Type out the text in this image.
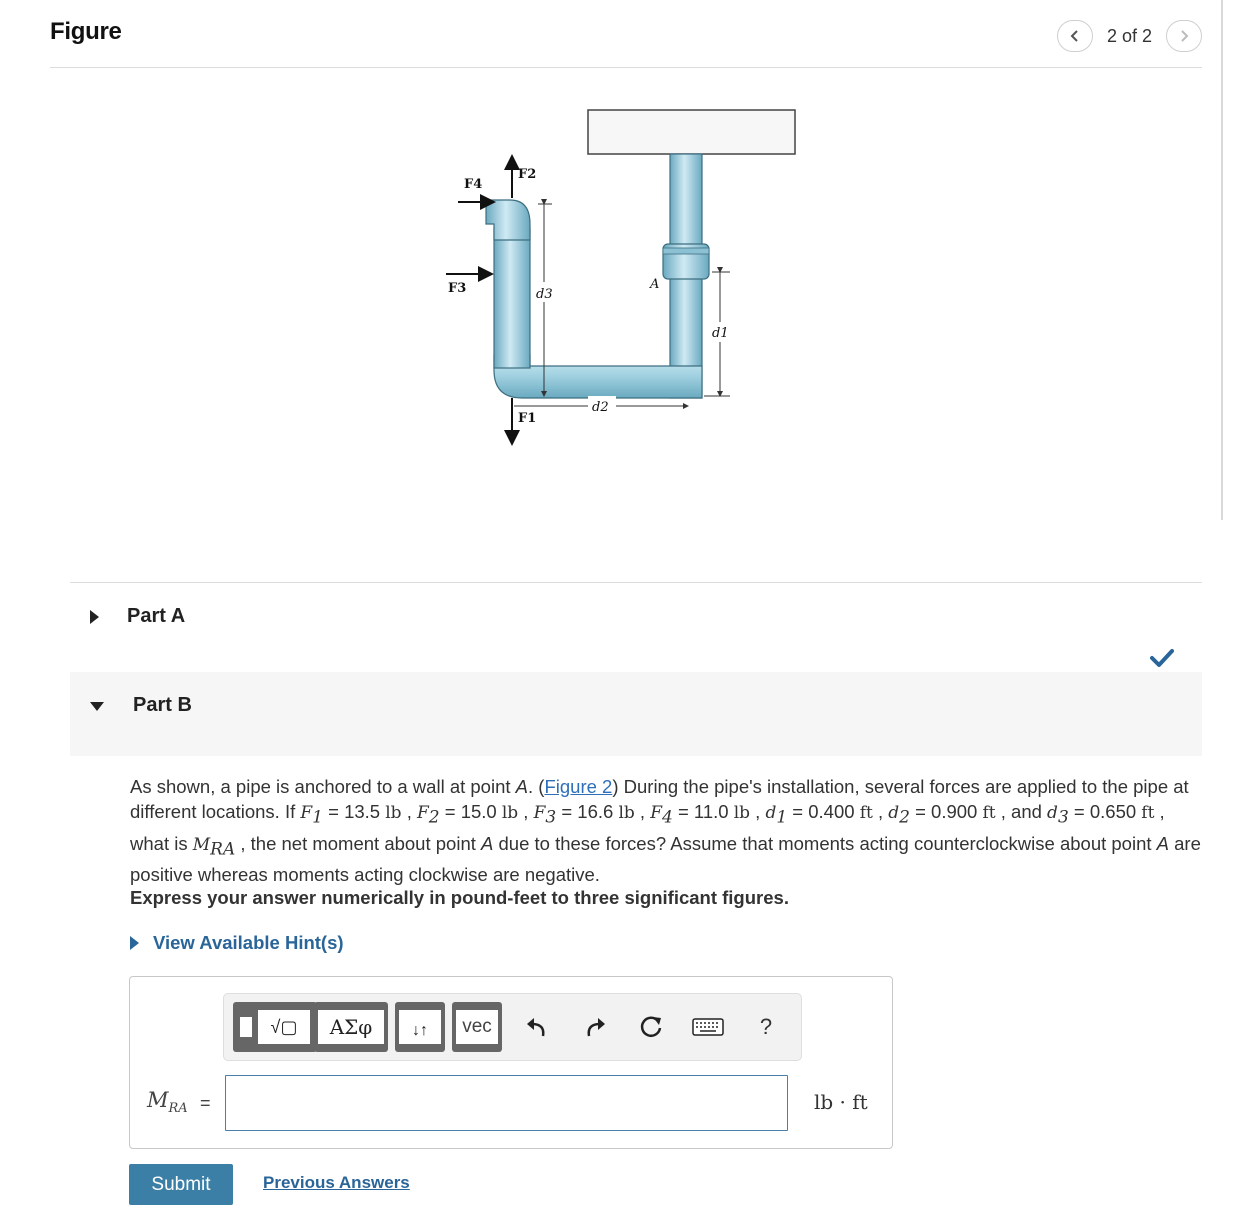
Figure	2 of 2
F4
F2
F3
F1
d3
d1
d2
A
Part A
Part B
As shown, a pipe is anchored to a wall at point A. (Figure 2) During the pipe's installation, several forces are applied to the pipe at different locations. If $F_1 = 13.5$ lb , $F_2 = 15.0$ lb , $F_3 = 16.6$ lb , $F_4 = 11.0$ lb , $d_1 = 0.400$ ft , $d_2 = 0.900$ ft , and $d_3 = 0.650$ ft , what is $M_{RA}$ , the net moment about point A due to these forces? Assume that moments acting counterclockwise about point A are positive whereas moments acting clockwise are negative.
Express your answer numerically in pound-feet to three significant figures.
View Available Hint(s)
√ ▢	ΑΣφ	↓↑	vec	?
$M_{RA}$ =	lb · ft
Submit	Previous Answers
